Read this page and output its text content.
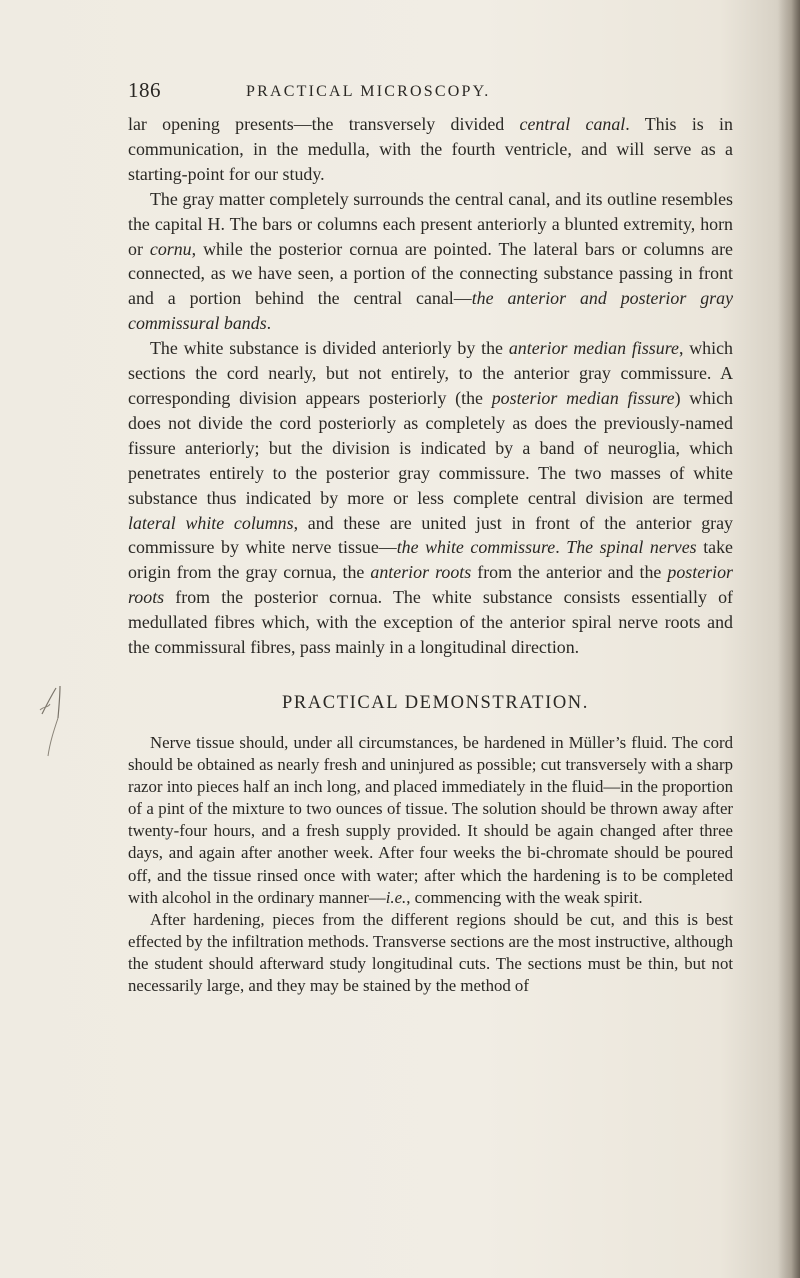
186	PRACTICAL MICROSCOPY.

lar opening presents—the transversely divided central canal. This is in communication, in the medulla, with the fourth ventricle, and will serve as a starting-point for our study.

The gray matter completely surrounds the central canal, and its outline resembles the capital H. The bars or columns each present anteriorly a blunted extremity, horn or cornu, while the posterior cornua are pointed. The lateral bars or columns are connected, as we have seen, a portion of the connecting substance passing in front and a portion behind the central canal—the anterior and posterior gray commissural bands.

The white substance is divided anteriorly by the anterior median fissure, which sections the cord nearly, but not entirely, to the anterior gray commissure. A corresponding division appears posteriorly (the posterior median fissure) which does not divide the cord posteriorly as completely as does the previously-named fissure anteriorly; but the division is indicated by a band of neuroglia, which penetrates entirely to the posterior gray commissure. The two masses of white substance thus indicated by more or less complete central division are termed lateral white columns, and these are united just in front of the anterior gray commissure by white nerve tissue—the white commissure. The spinal nerves take origin from the gray cornua, the anterior roots from the anterior and the posterior roots from the posterior cornua. The white substance consists essentially of medullated fibres which, with the exception of the anterior spiral nerve roots and the commissural fibres, pass mainly in a longitudinal direction.

PRACTICAL DEMONSTRATION.

Nerve tissue should, under all circumstances, be hardened in Müller’s fluid. The cord should be obtained as nearly fresh and uninjured as possible; cut transversely with a sharp razor into pieces half an inch long, and placed immediately in the fluid—in the proportion of a pint of the mixture to two ounces of tissue. The solution should be thrown away after twenty-four hours, and a fresh supply provided. It should be again changed after three days, and again after another week. After four weeks the bi-chromate should be poured off, and the tissue rinsed once with water; after which the hardening is to be completed with alcohol in the ordinary manner—i.e., commencing with the weak spirit.

After hardening, pieces from the different regions should be cut, and this is best effected by the infiltration methods. Transverse sections are the most instructive, although the student should afterward study longitudinal cuts. The sections must be thin, but not necessarily large, and they may be stained by the method of
